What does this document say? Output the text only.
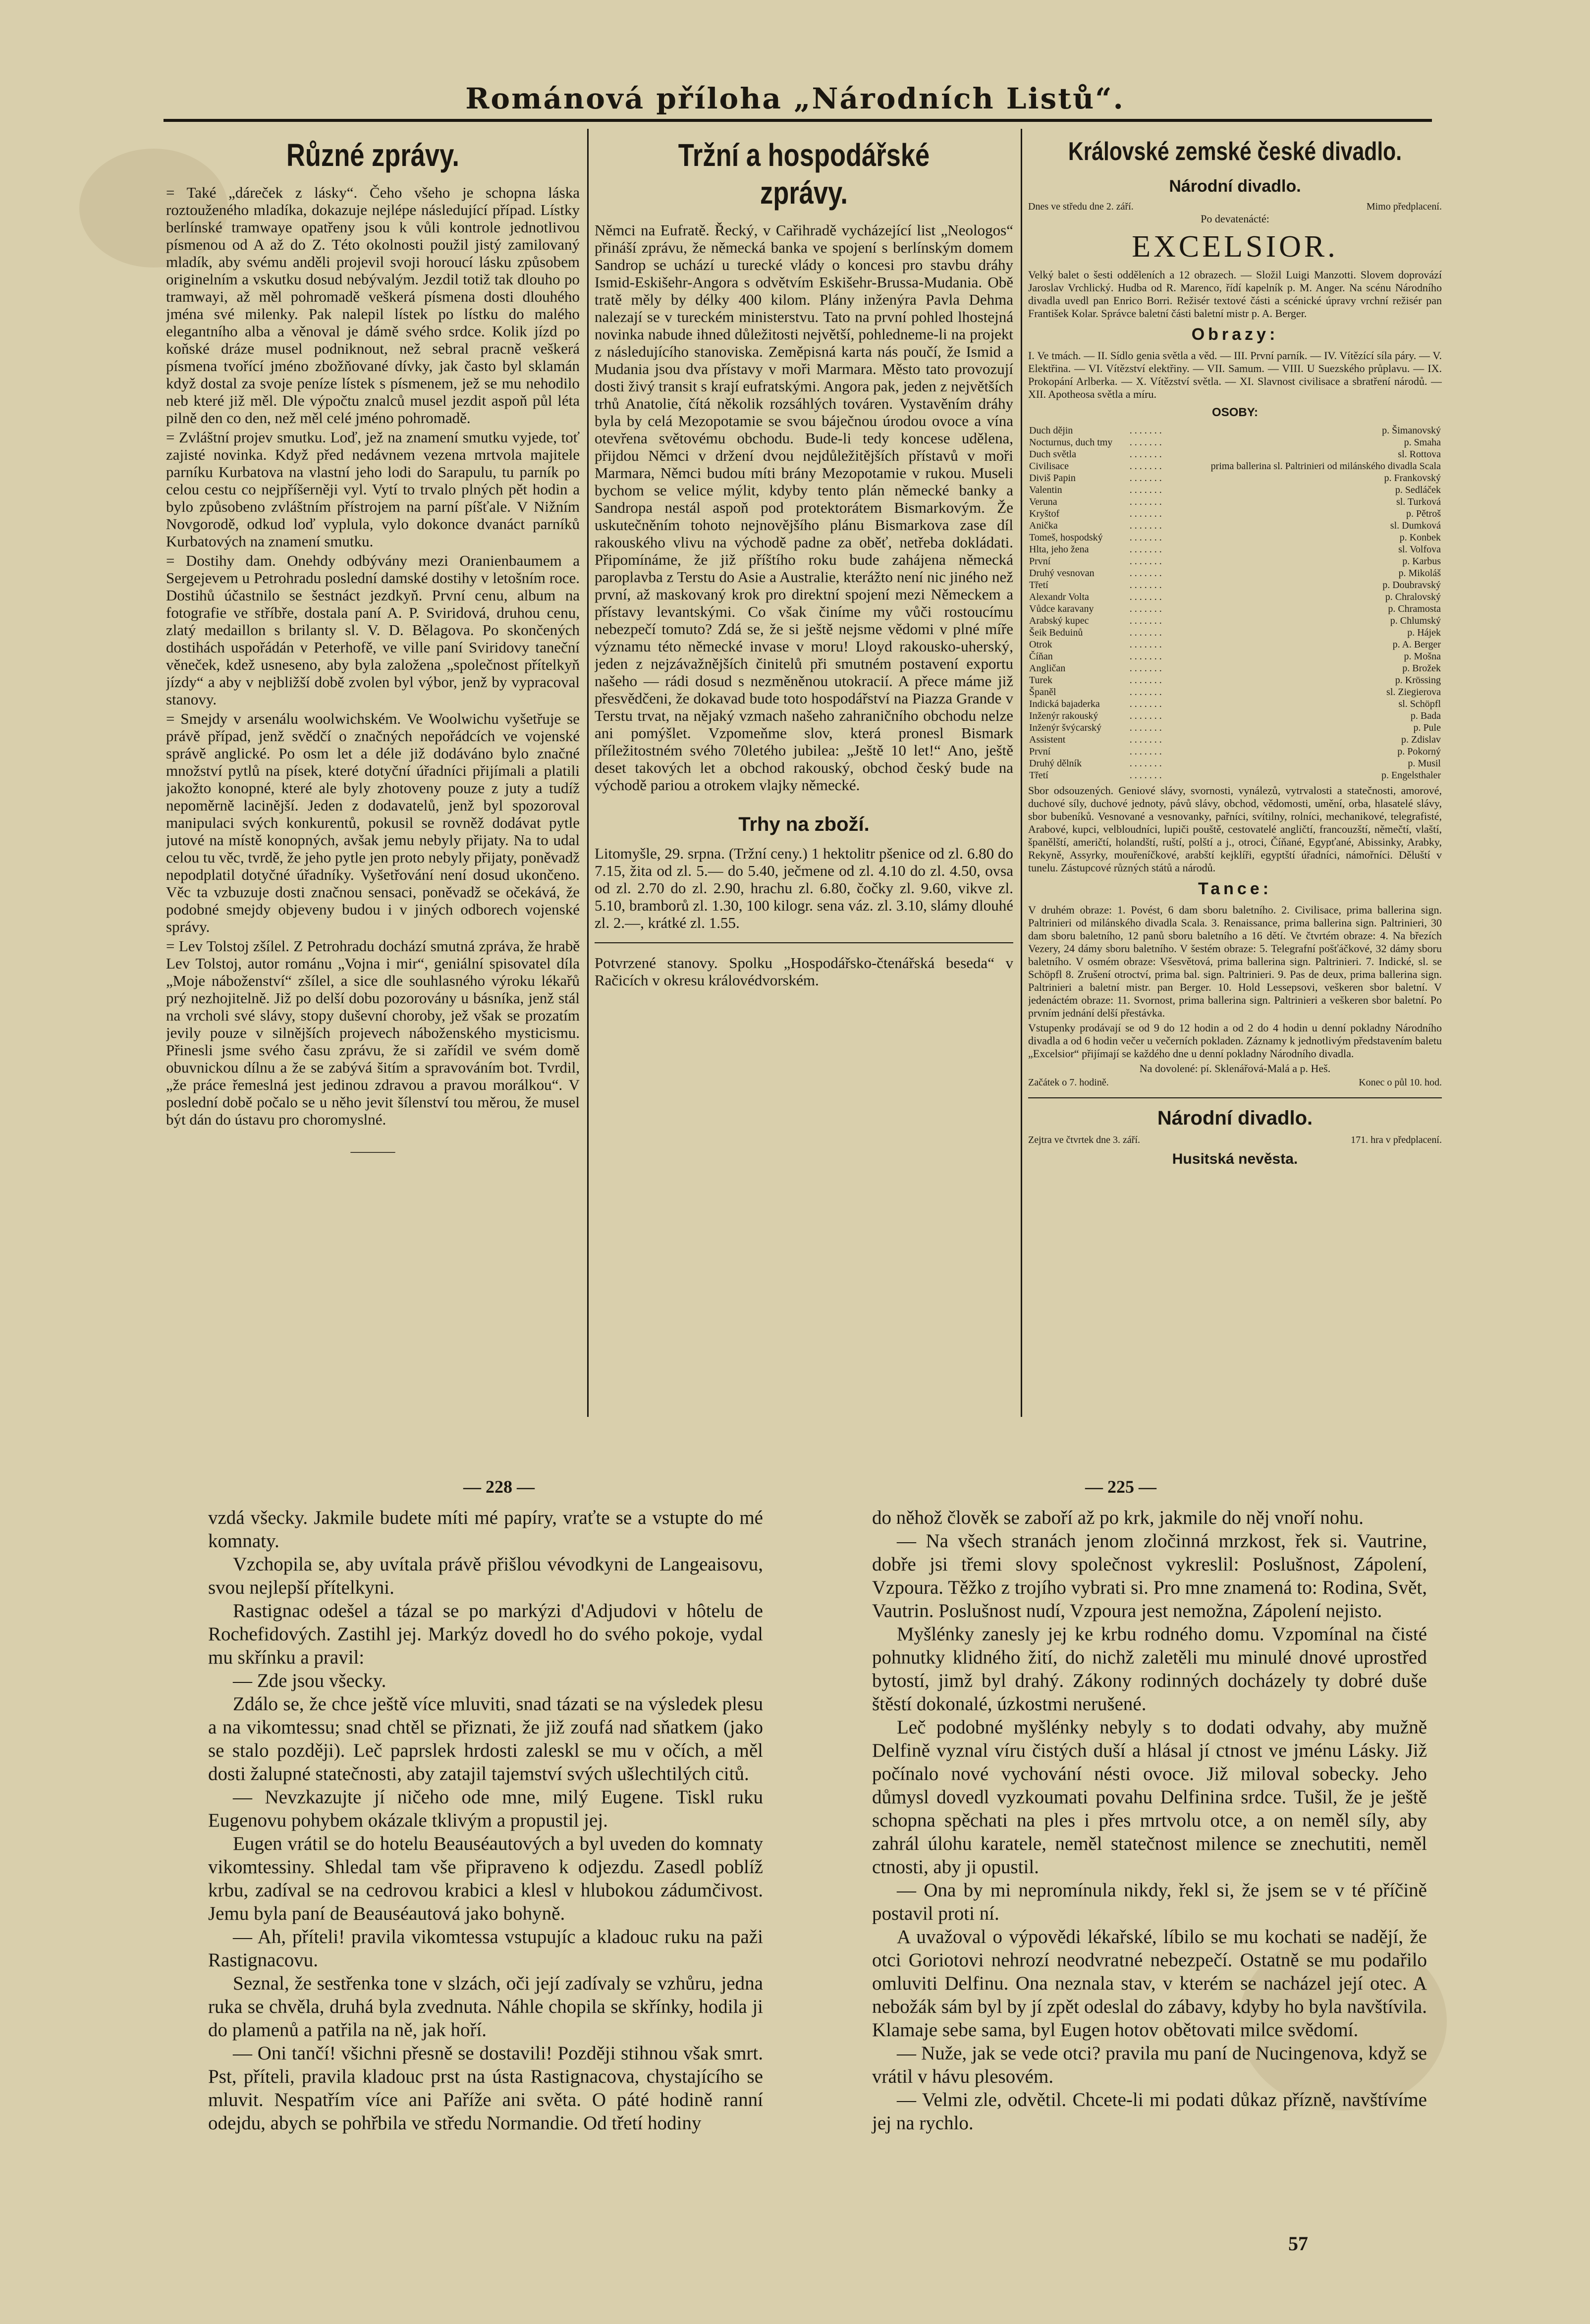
Románová příloha „Národních Listů“.
Různé zprávy.

= Také „dáreček z lásky“. Čeho všeho je schopna láska roztouženého mladíka, dokazuje nejlépe následující případ. Lístky berlínské tramwaye opatřeny jsou k vůli kontrole jednotlivou písmenou od A až do Z. Této okolnosti použil jistý zamilovaný mladík, aby svému anděli projevil svoji horoucí lásku způsobem originelním a vskutku dosud nebývalým. Jezdil totiž tak dlouho po tramwayi, až měl pohromadě veškerá písmena dosti dlouhého jména své milenky. Pak nalepil lístek po lístku do malého elegantního alba a věnoval je dámě svého srdce. Kolik jízd po koňské dráze musel podniknout, než sebral pracně veškerá písmena tvořící jméno zbožňované dívky, jak často byl sklamán když dostal za svoje peníze lístek s písmenem, jež se mu nehodilo neb které již měl. Dle výpočtu znalců musel jezdit aspoň půl léta pilně den co den, než měl celé jméno pohromadě.

= Zvláštní projev smutku. Loď, jež na znamení smutku vyjede, toť zajisté novinka. Když před nedávnem vezena mrtvola majitele parníku Kurbatova na vlastní jeho lodi do Sarapulu, tu parník po celou cestu co nejpříšerněji vyl. Vytí to trvalo plných pět hodin a bylo způsobeno zvláštním přístrojem na parní píšťale. V Nižním Novgorodě, odkud loď vyplula, vylo dokonce dvanáct parníků Kurbatových na znamení smutku.

= Dostihy dam. Onehdy odbývány mezi Oranienbaumem a Sergejevem u Petrohradu poslední damské dostihy v letošním roce. Dostihů účastnilo se šestnáct jezdkyň. První cenu, album na fotografie ve stříbře, dostala paní A. P. Sviridová, druhou cenu, zlatý medaillon s brilanty sl. V. D. Bělagova. Po skončených dostihách uspořádán v Peterhofě, ve ville paní Sviridovy taneční věneček, kdež usneseno, aby byla založena „společnost přítelkyň jízdy“ a aby v nejbližší době zvolen byl výbor, jenž by vypracoval stanovy.

= Smejdy v arsenálu woolwichském. Ve Woolwichu vyšetřuje se právě případ, jenž svědčí o značných nepořádcích ve vojenské správě anglické. Po osm let a déle již dodáváno bylo značné množství pytlů na písek, které dotyční úřadníci přijímali a platili jakožto konopné, které ale byly zhotoveny pouze z juty a tudíž nepoměrně lacinější. Jeden z dodavatelů, jenž byl spozoroval manipulaci svých konkurentů, pokusil se rovněž dodávat pytle jutové na místě konopných, avšak jemu nebyly přijaty. Na to udal celou tu věc, tvrdě, že jeho pytle jen proto nebyly přijaty, poněvadž nepodplatil dotyčné úřadníky. Vyšetřování není dosud ukončeno. Věc ta vzbuzuje dosti značnou sensaci, poněvadž se očekává, že podobné smejdy objeveny budou i v jiných odborech vojenské správy.

= Lev Tolstoj zšílel. Z Petrohradu dochází smutná zpráva, že hrabě Lev Tolstoj, autor románu „Vojna i mir“, geniální spisovatel díla „Moje náboženství“ zšílel, a sice dle souhlasného výroku lékařů prý nezhojitelně. Již po delší dobu pozorovány u básníka, jenž stál na vrcholi své slávy, stopy duševní choroby, jež však se prozatím jevily pouze v silnějších projevech náboženského mysticismu. Přinesli jsme svého času zprávu, že si zařídil ve svém domě obuvnickou dílnu a že se zabývá šitím a spravováním bot. Tvrdil, „že práce řemeslná jest jedinou zdravou a pravou morálkou“. V poslední době počalo se u něho jevit šílenství tou měrou, že musel být dán do ústavu pro choromyslné.

———
Tržní a hospodářské zprávy.

Němci na Eufratě. Řecký, v Cařihradě vycházející list „Neologos“ přináší zprávu, že německá banka ve spojení s berlínským domem Sandrop se uchází u turecké vlády o koncesi pro stavbu dráhy Ismid-Eskišehr-Angora s odvětvím Eskišehr-Brussa-Mudania. Obě tratě měly by délky 400 kilom. Plány inženýra Pavla Dehma nalezají se v tureckém ministerstvu. Tato na první pohled lhostejná novinka nabude ihned důležitosti největší, pohledneme-li na projekt z následujícího stanoviska. Zeměpisná karta nás poučí, že Ismid a Mudania jsou dva přístavy v moři Marmara. Město tato provozují dosti živý transit s krají eufratskými. Angora pak, jeden z největších trhů Anatolie, čítá několik rozsáhlých továren. Vystavěním dráhy byla by celá Mezopotamie se svou báječnou úrodou ovoce a vína otevřena světovému obchodu. Bude-li tedy koncese udělena, přijdou Němci v držení dvou nejdůležitějších přístavů v moři Marmara, Němci budou míti brány Mezopotamie v rukou. Museli bychom se velice mýlit, kdyby tento plán německé banky a Sandropa nestál aspoň pod protektorátem Bismarkovým. Že uskutečněním tohoto nejnovějšího plánu Bismarkova zase díl rakouského vlivu na východě padne za oběť, netřeba dokládati. Připomínáme, že již příštího roku bude zahájena německá paroplavba z Terstu do Asie a Australie, kterážto není nic jiného než první, až maskovaný krok pro direktní spojení mezi Německem a přístavy levantskými. Co však činíme my vůči rostoucímu nebezpečí tomuto? Zdá se, že si ještě nejsme vědomi v plné míře významu této německé invase v moru! Lloyd rakousko-uherský, jeden z nejzávažnějších činitelů při smutném postavení exportu našeho — rádi dosud s nezměněnou utokracií. A přece máme již přesvědčeni, že dokavad bude toto hospodářství na Piazza Grande v Terstu trvat, na nějaký vzmach našeho zahraničního obchodu nelze ani pomýšlet. Vzpomeňme slov, která pronesl Bismark příležitostném svého 70letého jubilea: „Ještě 10 let!“ Ano, ještě deset takových let a obchod rakouský, obchod český bude na východě pariou a otrokem vlajky německé.

Trhy na zboží.

Litomyšle, 29. srpna. (Tržní ceny.) 1 hektolitr pšenice od zl. 6.80 do 7.15, žita od zl. 5.— do 5.40, ječmene od zl. 4.10 do zl. 4.50, ovsa od zl. 2.70 do zl. 2.90, hrachu zl. 6.80, čočky zl. 9.60, vikve zl. 5.10, bramborů zl. 1.30, 100 kilogr. sena váz. zl. 3.10, slámy dlouhé zl. 2.—, krátké zl. 1.55.

Potvrzené stanovy. Spolku „Hospodářsko-čtenářská beseda“ v Račicích v okresu královédvorském.

Královské zemské české divadlo.
Národní divadlo.
Dnes ve středu dne 2. září.	Mimo předplacení.
Po devatenácté:
EXCELSIOR.

Velký balet o šesti odděleních a 12 obrazech. — Složil Luigi Manzotti. Slovem doprovází Jaroslav Vrchlický. Hudba od R. Marenco, řídí kapelník p. M. Anger. Na scénu Národního divadla uvedl pan Enrico Borri. Režisér textové části a scénické úpravy vrchní režisér pan František Kolar. Správce baletní části baletní mistr p. A. Berger.

Obrazy:

I. Ve tmách. — II. Sídlo genia světla a věd. — III. První parník. — IV. Vítězící síla páry. — V. Elektřina. — VI. Vítězství elektřiny. — VII. Samum. — VIII. U Suezského průplavu. — IX. Prokopání Arlberka. — X. Vítězství světla. — XI. Slavnost civilisace a sbratření národů. — XII. Apotheosa světla a míru.

OSOBY:
Duch dějin	. . . . . . .	p. Šimanovský
Nocturnus, duch tmy	. . . . . . .	p. Smaha
Duch světla	. . . . . . .	sl. Rottova
Civilisace	. . . . . . .	prima ballerina sl. Paltrinieri od milánského divadla Scala
Diviš Papin	. . . . . . .	p. Frankovský
Valentin	. . . . . . .	p. Sedláček
Veruna	. . . . . . .	sl. Turková
Kryštof	. . . . . . .	p. Pětroš
Anička	. . . . . . .	sl. Dumková
Tomeš, hospodský	. . . . . . .	p. Konbek
Hlta, jeho žena	. . . . . . .	sl. Volfova
První	. . . . . . .	p. Karbus
Druhý vesnovan	. . . . . . .	p. Mikoláš
Třetí	. . . . . . .	p. Doubravský
Alexandr Volta	. . . . . . .	p. Chralovský
Vůdce karavany	. . . . . . .	p. Chramosta
Arabský kupec	. . . . . . .	p. Chlumský
Šeik Beduinů	. . . . . . .	p. Hájek
Otrok	. . . . . . .	p. A. Berger
Číňan	. . . . . . .	p. Mošna
Angličan	. . . . . . .	p. Brožek
Turek	. . . . . . .	p. Krössing
Španěl	. . . . . . .	sl. Ziegierova
Indická bajaderka	. . . . . . .	sl. Schöpfl
Inženýr rakouský	. . . . . . .	p. Bada
Inženýr švýcarský	. . . . . . .	p. Pule
Assistent	. . . . . . .	p. Zdislav
První	. . . . . . .	p. Pokorný
Druhý dělník	. . . . . . .	p. Musil
Třetí	. . . . . . .	p. Engelsthaler

Sbor odsouzených. Geniové slávy, svornosti, vynálezů, vytrvalosti a statečnosti, amorové, duchové síly, duchové jednoty, pávů slávy, obchod, vědomosti, umění, orba, hlasatelé slávy, sbor bubeníků. Vesnované a vesnovanky, pařníci, svítilny, rolníci, mechanikové, telegrafisté, Arabové, kupci, velbloudníci, lupiči pouště, cestovatelé angličtí, francouzští, němečtí, vlaští, španělští, američtí, holandští, ruští, polští a j., otroci, Číňané, Egypťané, Abissinky, Arabky, Rekyně, Assyrky, mouřeníčkové, arabští kejklíři, egyptští úřadníci, námořníci. Děluští v tunelu. Zástupcové různých států a národů.

Tance:

V druhém obraze: 1. Povést, 6 dam sboru baletního. 2. Civilisace, prima ballerina sign. Paltrinieri od milánského divadla Scala. 3. Renaissance, prima ballerina sign. Paltrinieri, 30 dam sboru baletního, 12 panů sboru baletního a 16 dětí. Ve čtvrtém obraze: 4. Na březích Vezery, 24 dámy sboru baletního. V šestém obraze: 5. Telegrafní pošťáčkové, 32 dámy sboru baletního. V osmém obraze: Všesvětová, prima ballerina sign. Paltrinieri. 7. Indické, sl. se Schöpfl 8. Zrušení otroctví, prima bal. sign. Paltrinieri. 9. Pas de deux, prima ballerina sign. Paltrinieri a baletní mistr. pan Berger. 10. Hold Lessepsovi, veškeren sbor baletní. V jedenáctém obraze: 11. Svornost, prima ballerina sign. Paltrinieri a veškeren sbor baletní. Po prvním jednání delší přestávka.

Vstupenky prodávají se od 9 do 12 hodin a od 2 do 4 hodin u denní pokladny Národního divadla a od 6 hodin večer u večerních pokladen. Záznamy k jednotlivým představením baletu „Excelsior“ přijímají se každého dne u denní pokladny Národního divadla.

Na dovolené: pí. Sklenářová-Malá a p. Heš.
Začátek o 7. hodině.	Konec o půl 10. hod.
Národní divadlo.
Zejtra ve čtvrtek dne 3. září.	171. hra v předplacení.
Husitská nevěsta.
— 228 —	— 225 —

vzdá všecky. Jakmile budete míti mé papíry, vraťte se a vstupte do mé komnaty.

Vzchopila se, aby uvítala právě přišlou vévodkyni de Langeaisovu, svou nejlepší přítelkyni.

Rastignac odešel a tázal se po markýzi d'Adjudovi v hôtelu de Rochefidových. Zastihl jej. Markýz dovedl ho do svého pokoje, vydal mu skřínku a pravil:

— Zde jsou všecky.

Zdálo se, že chce ještě více mluviti, snad tázati se na výsledek plesu a na vikomtessu; snad chtěl se přiznati, že již zoufá nad sňatkem (jako se stalo později). Leč paprslek hrdosti zaleskl se mu v očích, a měl dosti žalupné statečnosti, aby zatajil tajemství svých ušlechtilých citů.

— Nevzkazujte jí ničeho ode mne, milý Eugene. Tiskl ruku Eugenovu pohybem okázale tklivým a propustil jej.

Eugen vrátil se do hotelu Beauséautových a byl uveden do komnaty vikomtessiny. Shledal tam vše připraveno k odjezdu. Zasedl poblíž krbu, zadíval se na cedrovou krabici a klesl v hlubokou zádumčivost. Jemu byla paní de Beauséautová jako bohyně.

— Ah, příteli! pravila vikomtessa vstupujíc a kladouc ruku na paži Rastignacovu.

Seznal, že sestřenka tone v slzách, oči její zadívaly se vzhůru, jedna ruka se chvěla, druhá byla zvednuta. Náhle chopila se skřínky, hodila ji do plamenů a patřila na ně, jak hoří.

— Oni tančí! všichni přesně se dostavili! Později stihnou však smrt. Pst, příteli, pravila kladouc prst na ústa Rastignacova, chystajícího se mluvit. Nespatřím více ani Paříže ani světa. O páté hodině ranní odejdu, abych se pohřbila ve středu Normandie. Od třetí hodiny

do něhož člověk se zaboří až po krk, jakmile do něj vnoří nohu.

— Na všech stranách jenom zločinná mrzkost, řek si. Vautrine, dobře jsi třemi slovy společnost vykreslil: Poslušnost, Zápolení, Vzpoura. Těžko z trojího vybrati si. Pro mne znamená to: Rodina, Svět, Vautrin. Poslušnost nudí, Vzpoura jest nemožna, Zápolení nejisto.

Myšlénky zanesly jej ke krbu rodného domu. Vzpomínal na čisté pohnutky klidného žití, do nichž zaletěli mu minulé dnové uprostřed bytostí, jimž byl drahý. Zákony rodinných docházely ty dobré duše štěstí dokonalé, úzkostmi nerušené.

Leč podobné myšlénky nebyly s to dodati odvahy, aby mužně Delfině vyznal víru čistých duší a hlásal jí ctnost ve jménu Lásky. Již počínalo nové vychování nésti ovoce. Již miloval sobecky. Jeho důmysl dovedl vyzkoumati povahu Delfinina srdce. Tušil, že je ještě schopna spěchati na ples i přes mrtvolu otce, a on neměl síly, aby zahrál úlohu karatele, neměl statečnost milence se znechutiti, neměl ctnosti, aby ji opustil.

— Ona by mi nepromínula nikdy, řekl si, že jsem se v té příčině postavil proti ní.

A uvažoval o výpovědi lékařské, líbilo se mu kochati se nadějí, že otci Goriotovi nehrozí neodvratné nebezpečí. Ostatně se mu podařilo omluviti Delfinu. Ona neznala stav, v kterém se nacházel její otec. A nebožák sám byl by jí zpět odeslal do zábavy, kdyby ho byla navštívila. Klamaje sebe sama, byl Eugen hotov obětovati milce svědomí.

— Nuže, jak se vede otci? pravila mu paní de Nucingenova, když se vrátil v hávu plesovém.

— Velmi zle, odvětil. Chcete-li mi podati důkaz přízně, navštívíme jej na rychlo.

57
